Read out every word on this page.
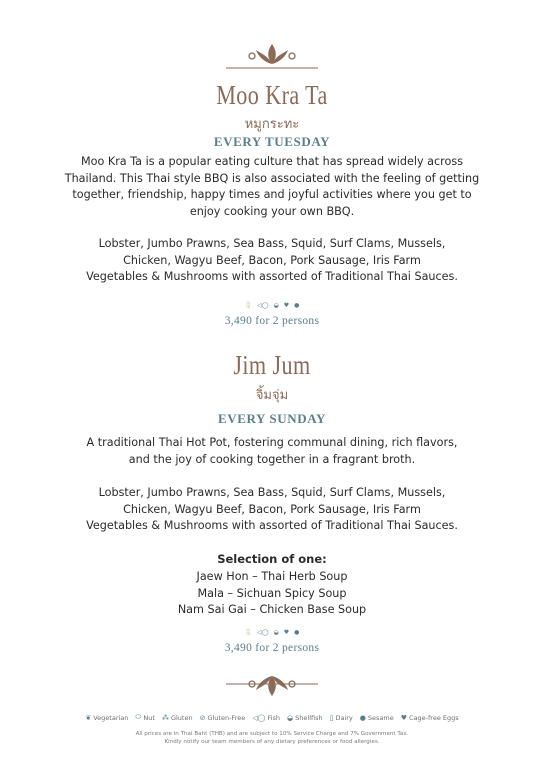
Moo Kra Ta
หมูกระทะ
EVERY TUESDAY
Moo Kra Ta is a popular eating culture that has spread widely across
Thailand. This Thai style BBQ is also associated with the feeling of getting
together, friendship, happy times and joyful activities where you get to
enjoy cooking your own BBQ.
Lobster, Jumbo Prawns, Sea Bass, Squid, Surf Clams, Mussels,
Chicken, Wagyu Beef, Bacon, Pork Sausage, Iris Farm
Vegetables & Mushrooms with assorted of Traditional Thai Sauces.
🥛 ◁◯ ◒ ♥ ●
3,490 for 2 persons
Jim Jum
จิ้มจุ่ม
EVERY SUNDAY
A traditional Thai Hot Pot, fostering communal dining, rich flavors,
and the joy of cooking together in a fragrant broth.
Lobster, Jumbo Prawns, Sea Bass, Squid, Surf Clams, Mussels,
Chicken, Wagyu Beef, Bacon, Pork Sausage, Iris Farm
Vegetables & Mushrooms with assorted of Traditional Thai Sauces.
Selection of one:
Jaew Hon – Thai Herb Soup
Mala – Sichuan Spicy Soup
Nam Sai Gai – Chicken Base Soup
🥛 ◁◯ ◒ ♥ ●
3,490 for 2 persons
❦ Vegetarian ⬭ Nut ⁂ Gluten ⊘ Gluten-Free ◁◯ Fish ◒ Shellfish ▯ Dairy ● Sesame ♥ Cage-free Eggs
All prices are in Thai Baht (THB) and are subject to 10% Service Charge and 7% Government Tax.
Kindly notify our team members of any dietary preferences or food allergies.
